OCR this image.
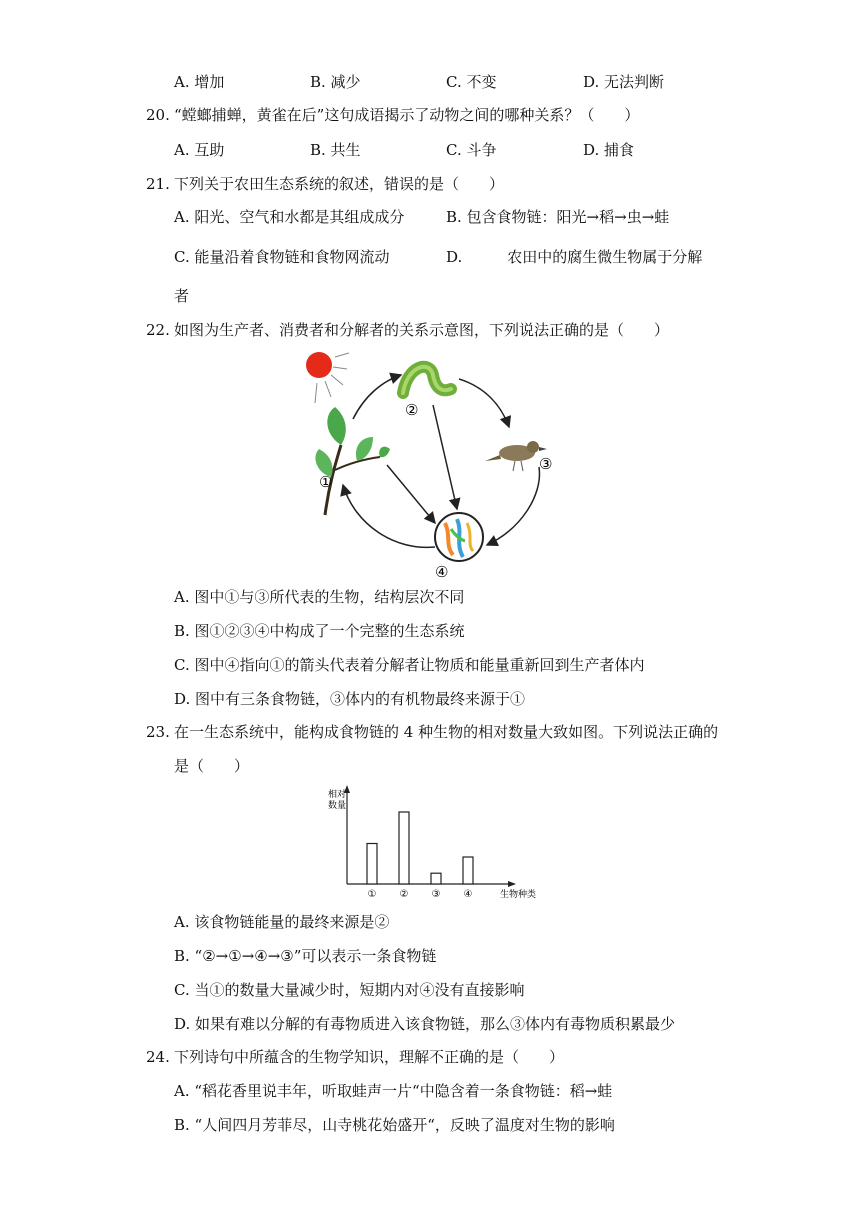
A. 增加	B. 减少	C. 不变	D. 无法判断
20. “螳螂捕蝉，黄雀在后”这句成语揭示了动物之间的哪种关系？（　　）
A. 互助	B. 共生	C. 斗争	D. 捕食
21. 下列关于农田生态系统的叙述，错误的是（　　）
A. 阳光、空气和水都是其组成成分	B. 包含食物链：阳光→稻→虫→蛙
C. 能量沿着食物链和食物网流动	D.　　　农田中的腐生微生物属于分解
者
22. 如图为生产者、消费者和分解者的关系示意图，下列说法正确的是（　　）
①
②
③
④
A. 图中①与③所代表的生物，结构层次不同
B. 图①②③④中构成了一个完整的生态系统
C. 图中④指向①的箭头代表着分解者让物质和能量重新回到生产者体内
D. 图中有三条食物链，③体内的有机物最终来源于①
23. 在一生态系统中，能构成食物链的 4 种生物的相对数量大致如图。下列说法正确的
是（　　）
相对数量
生物种类
① ② ③ ④
A. 该食物链能量的最终来源是②
B. “②→①→④→③”可以表示一条食物链
C. 当①的数量大量减少时，短期内对④没有直接影响
D. 如果有难以分解的有毒物质进入该食物链，那么③体内有毒物质积累最少
24. 下列诗句中所蕴含的生物学知识，理解不正确的是（　　）
A. “稻花香里说丰年，听取蛙声一片“中隐含着一条食物链：稻→蛙
B. “人间四月芳菲尽，山寺桃花始盛开“，反映了温度对生物的影响
